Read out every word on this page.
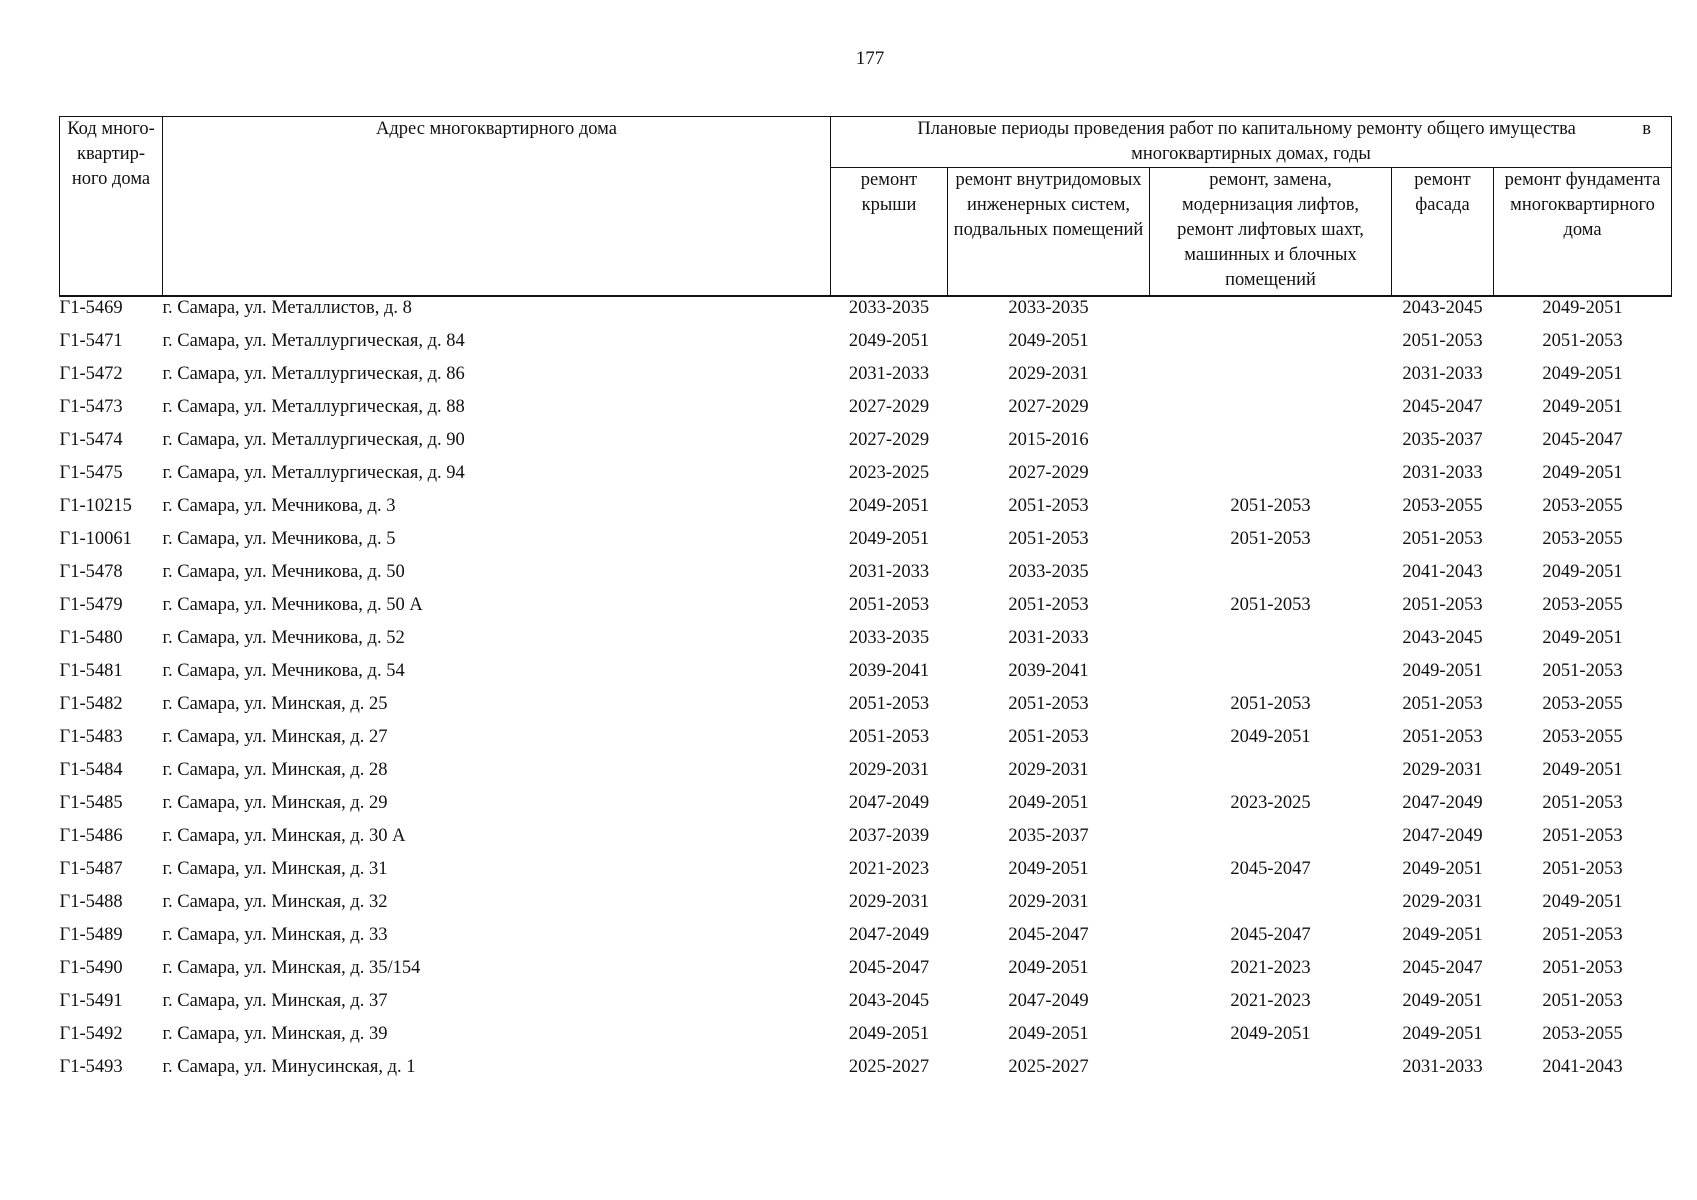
177
Код много-квартир-ного дома	Адрес многоквартирного дома	в
Плановые периоды проведения работ по капитальному ремонту общего имущества
многоквартирных домах, годы				
		ремонт крыши	ремонт внутридомовых инженерных систем, подвальных помещений	ремонт, замена, модернизация лифтов, ремонт лифтовых шахт, машинных и блочных помещений	ремонт фасада	ремонт фундамента многоквартирного дома
Г1-5469	г. Самара, ул. Металлистов, д. 8	2033-2035	2033-2035		2043-2045	2049-2051
Г1-5471	г. Самара, ул. Металлургическая, д. 84	2049-2051	2049-2051		2051-2053	2051-2053
Г1-5472	г. Самара, ул. Металлургическая, д. 86	2031-2033	2029-2031		2031-2033	2049-2051
Г1-5473	г. Самара, ул. Металлургическая, д. 88	2027-2029	2027-2029		2045-2047	2049-2051
Г1-5474	г. Самара, ул. Металлургическая, д. 90	2027-2029	2015-2016		2035-2037	2045-2047
Г1-5475	г. Самара, ул. Металлургическая, д. 94	2023-2025	2027-2029		2031-2033	2049-2051
Г1-10215	г. Самара, ул. Мечникова, д. 3	2049-2051	2051-2053	2051-2053	2053-2055	2053-2055
Г1-10061	г. Самара, ул. Мечникова, д. 5	2049-2051	2051-2053	2051-2053	2051-2053	2053-2055
Г1-5478	г. Самара, ул. Мечникова, д. 50	2031-2033	2033-2035		2041-2043	2049-2051
Г1-5479	г. Самара, ул. Мечникова, д. 50 А	2051-2053	2051-2053	2051-2053	2051-2053	2053-2055
Г1-5480	г. Самара, ул. Мечникова, д. 52	2033-2035	2031-2033		2043-2045	2049-2051
Г1-5481	г. Самара, ул. Мечникова, д. 54	2039-2041	2039-2041		2049-2051	2051-2053
Г1-5482	г. Самара, ул. Минская, д. 25	2051-2053	2051-2053	2051-2053	2051-2053	2053-2055
Г1-5483	г. Самара, ул. Минская, д. 27	2051-2053	2051-2053	2049-2051	2051-2053	2053-2055
Г1-5484	г. Самара, ул. Минская, д. 28	2029-2031	2029-2031		2029-2031	2049-2051
Г1-5485	г. Самара, ул. Минская, д. 29	2047-2049	2049-2051	2023-2025	2047-2049	2051-2053
Г1-5486	г. Самара, ул. Минская, д. 30 А	2037-2039	2035-2037		2047-2049	2051-2053
Г1-5487	г. Самара, ул. Минская, д. 31	2021-2023	2049-2051	2045-2047	2049-2051	2051-2053
Г1-5488	г. Самара, ул. Минская, д. 32	2029-2031	2029-2031		2029-2031	2049-2051
Г1-5489	г. Самара, ул. Минская, д. 33	2047-2049	2045-2047	2045-2047	2049-2051	2051-2053
Г1-5490	г. Самара, ул. Минская, д. 35/154	2045-2047	2049-2051	2021-2023	2045-2047	2051-2053
Г1-5491	г. Самара, ул. Минская, д. 37	2043-2045	2047-2049	2021-2023	2049-2051	2051-2053
Г1-5492	г. Самара, ул. Минская, д. 39	2049-2051	2049-2051	2049-2051	2049-2051	2053-2055
Г1-5493	г. Самара, ул. Минусинская, д. 1	2025-2027	2025-2027		2031-2033	2041-2043
